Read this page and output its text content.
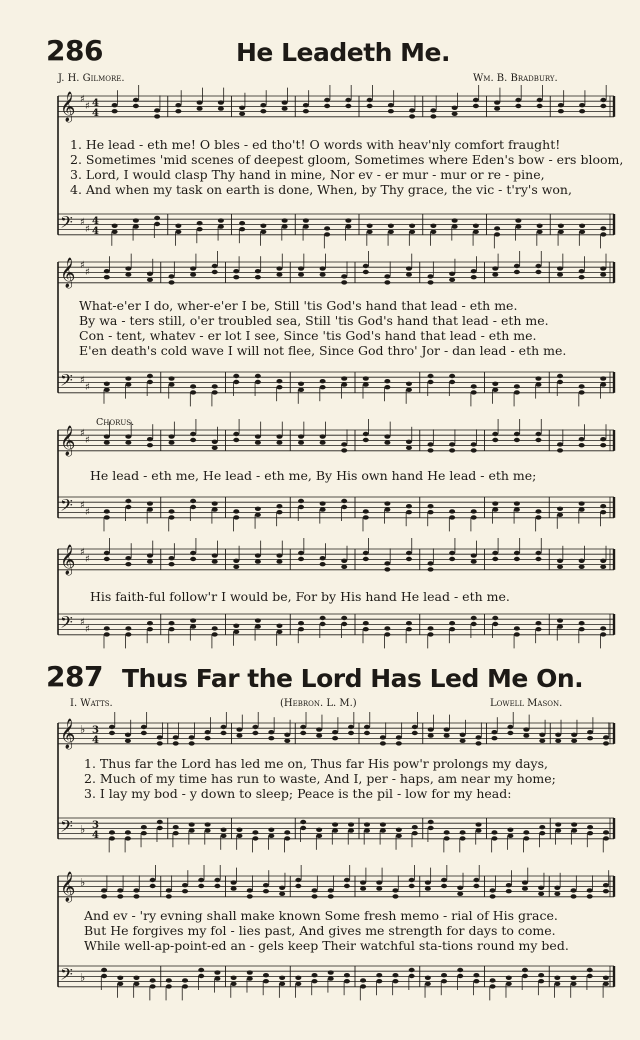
286	He Leadeth Me.
J. H. Gilmore.	Wm. B. Bradbury.
1. He lead - eth me! O bles - ed tho't! O words with heav'nly comfort fraught!
2. Sometimes 'mid scenes of deepest gloom, Sometimes where Eden's bow - ers bloom,
3. Lord, I would clasp Thy hand in mine, Nor ev - er mur - mur or re - pine,
4. And when my task on earth is done, When, by Thy grace, the vic - t'ry's won,
What-e'er I do, wher-e'er I be, Still 'tis God's hand that lead - eth me.
By wa - ters still, o'er troubled sea, Still 'tis God's hand that lead - eth me.
Con - tent, whatev - er lot I see, Since 'tis God's hand that lead - eth me.
E'en death's cold wave I will not flee, Since God thro' Jor - dan lead - eth me.
Chorus.
He lead - eth me, He lead - eth me, By His own hand He lead - eth me;
His faith-ful follow'r I would be, For by His hand He lead - eth me.
287 Thus Far the Lord Has Led Me On.
I. Watts.	(Hebron. L. M.)	Lowell Mason.
1. Thus far the Lord has led me on, Thus far His pow'r prolongs my days,
2. Much of my time has run to waste, And I, per - haps, am near my home;
3. I lay my bod - y down to sleep; Peace is the pil - low for my head:
And ev - 'ry evning shall make known Some fresh memo - rial of His grace.
But He forgives my fol - lies past, And gives me strength for days to come.
While well-ap-point-ed an - gels keep Their watchful sta-tions round my bed.
𝄞
𝄢
♯
♯
♯
♯
4
4
4
4
𝄞
𝄢
♯
♯
♯
♯
𝄞
𝄢
♯
♯
♯
♯
𝄞
𝄢
♯
♯
♯
♯
𝄞
𝄢
♭
♭
3
4
3
4
𝄞
𝄢
♭
♭
